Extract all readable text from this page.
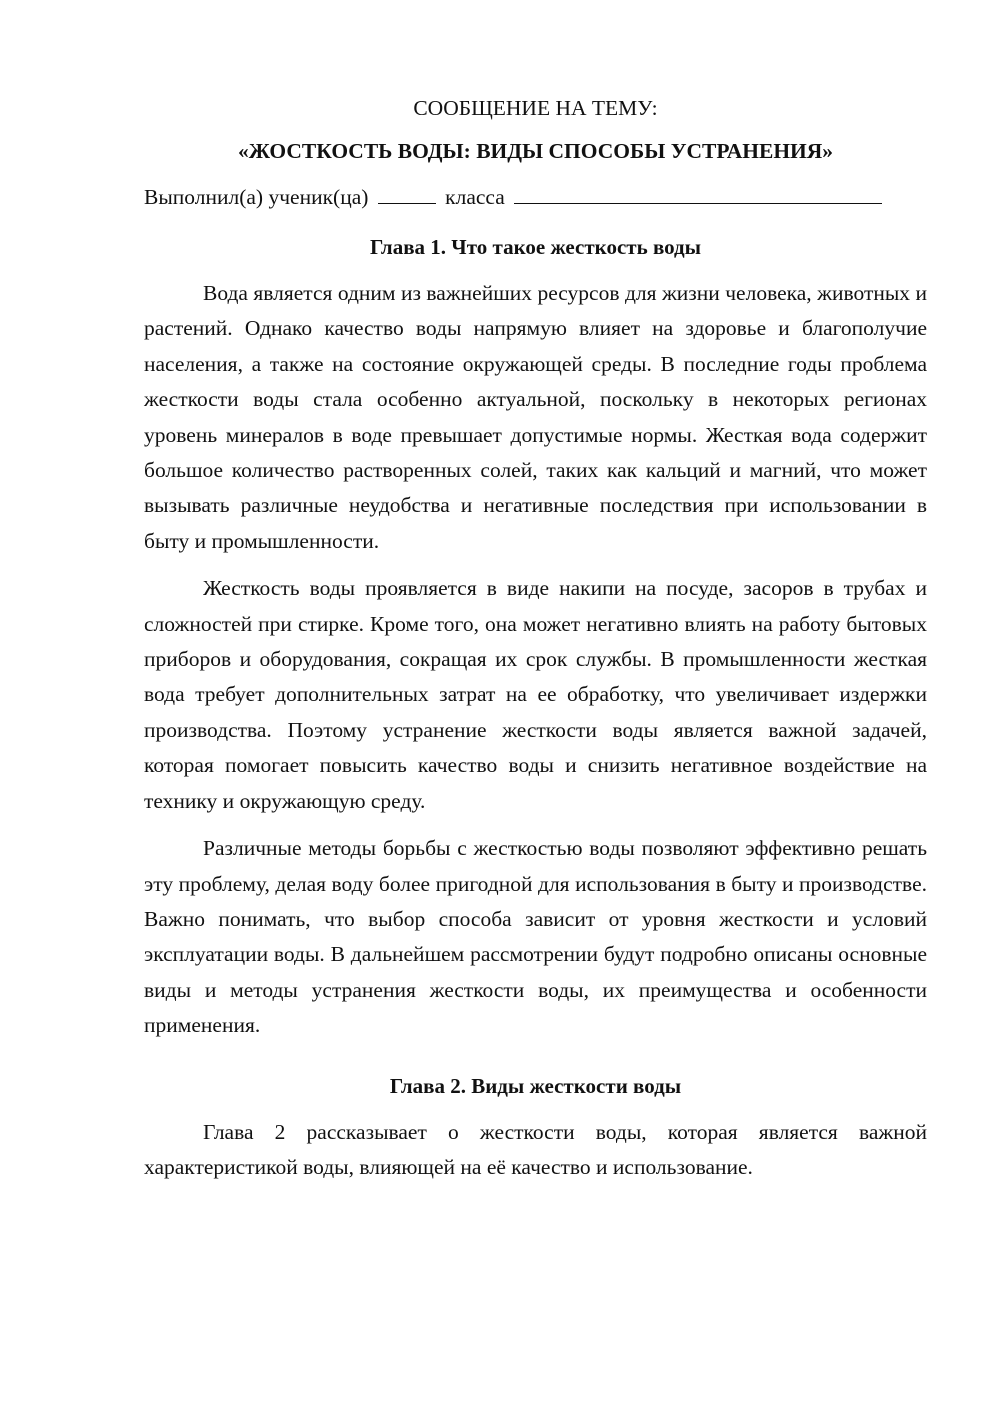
СООБЩЕНИЕ НА ТЕМУ:

«ЖОСТКОСТЬ ВОДЫ: ВИДЫ СПОСОБЫ УСТРАНЕНИЯ»

Выполнил(а) ученик(ца)	класса

Глава 1. Что такое жесткость воды

Вода является одним из важнейших ресурсов для жизни человека, животных и растений. Однако качество воды напрямую влияет на здоровье и благополучие населения, а также на состояние окружающей среды. В последние годы проблема жесткости воды стала особенно актуальной, поскольку в некоторых регионах уровень минералов в воде превышает допустимые нормы. Жесткая вода содержит большое количество растворенных солей, таких как кальций и магний, что может вызывать различные неудобства и негативные последствия при использовании в быту и промышленности.

Жесткость воды проявляется в виде накипи на посуде, засоров в трубах и сложностей при стирке. Кроме того, она может негативно влиять на работу бытовых приборов и оборудования, сокращая их срок службы. В промышленности жесткая вода требует дополнительных затрат на ее обработку, что увеличивает издержки производства. Поэтому устранение жесткости воды является важной задачей, которая помогает повысить качество воды и снизить негативное воздействие на технику и окружающую среду.

Различные методы борьбы с жесткостью воды позволяют эффективно решать эту проблему, делая воду более пригодной для использования в быту и производстве. Важно понимать, что выбор способа зависит от уровня жесткости и условий эксплуатации воды. В дальнейшем рассмотрении будут подробно описаны основные виды и методы устранения жесткости воды, их преимущества и особенности применения.

Глава 2. Виды жесткости воды

Глава 2 рассказывает о жесткости воды, которая является важной характеристикой воды, влияющей на её качество и использование.
